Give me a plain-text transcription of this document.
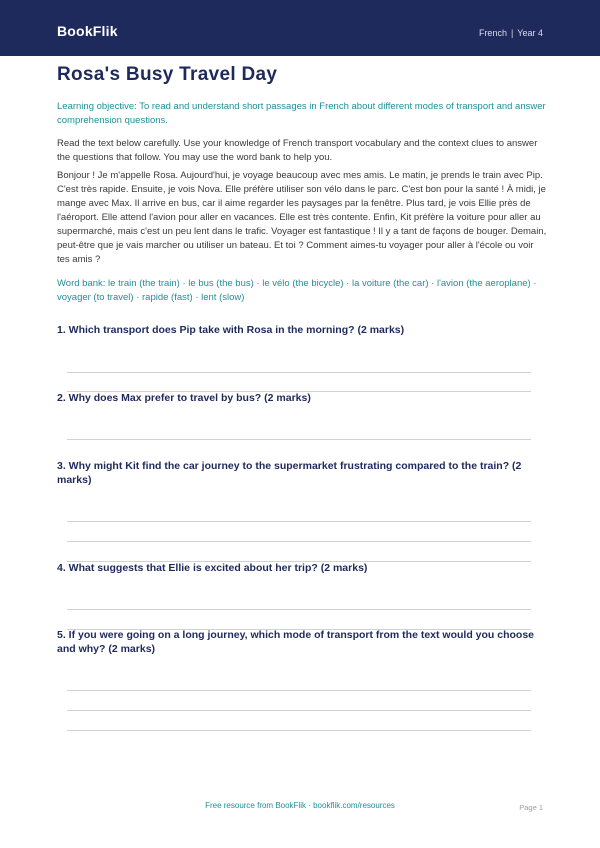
BookFlik	French | Year 4
Rosa's Busy Travel Day

Learning objective: To read and understand short passages in French about different modes of transport and answer comprehension questions.

Read the text below carefully. Use your knowledge of French transport vocabulary and the context clues to answer the questions that follow. You may use the word bank to help you.

Bonjour ! Je m'appelle Rosa. Aujourd'hui, je voyage beaucoup avec mes amis. Le matin, je prends le train avec Pip. C'est très rapide. Ensuite, je vois Nova. Elle préfère utiliser son vélo dans le parc. C'est bon pour la santé ! À midi, je mange avec Max. Il arrive en bus, car il aime regarder les paysages par la fenêtre. Plus tard, je vois Ellie près de l'aéroport. Elle attend l'avion pour aller en vacances. Elle est très contente. Enfin, Kit préfère la voiture pour aller au supermarché, mais c'est un peu lent dans le trafic. Voyager est fantastique ! Il y a tant de façons de bouger. Demain, peut-être que je vais marcher ou utiliser un bateau. Et toi ? Comment aimes-tu voyager pour aller à l'école ou voir tes amis ?

Word bank: le train (the train) · le bus (the bus) · le vélo (the bicycle) · la voiture (the car) · l'avion (the aeroplane) · voyager (to travel) · rapide (fast) · lent (slow)

1. Which transport does Pip take with Rosa in the morning? (2 marks)

2. Why does Max prefer to travel by bus? (2 marks)

3. Why might Kit find the car journey to the supermarket frustrating compared to the train? (2 marks)

4. What suggests that Ellie is excited about her trip? (2 marks)

5. If you were going on a long journey, which mode of transport from the text would you choose and why? (2 marks)

Free resource from BookFlik · bookflik.com/resources	Page 1
